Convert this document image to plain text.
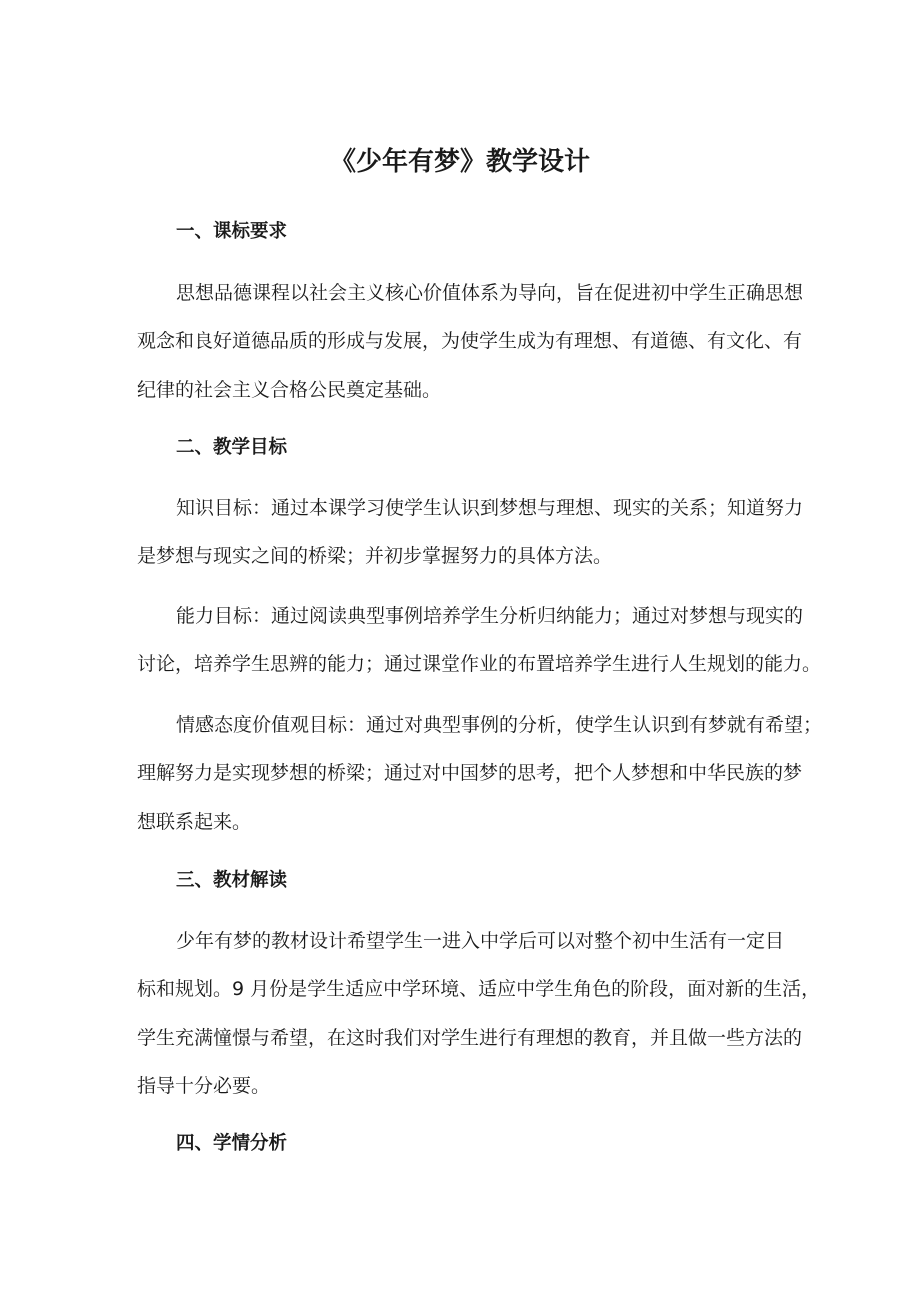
《少年有梦》教学设计
一、课标要求
思想品德课程以社会主义核心价值体系为导向，旨在促进初中学生正确思想
观念和良好道德品质的形成与发展，为使学生成为有理想、有道德、有文化、有
纪律的社会主义合格公民奠定基础。
二、教学目标
知识目标：通过本课学习使学生认识到梦想与理想、现实的关系；知道努力
是梦想与现实之间的桥梁；并初步掌握努力的具体方法。
能力目标：通过阅读典型事例培养学生分析归纳能力；通过对梦想与现实的
讨论，培养学生思辨的能力；通过课堂作业的布置培养学生进行人生规划的能力。
情感态度价值观目标：通过对典型事例的分析，使学生认识到有梦就有希望；
理解努力是实现梦想的桥梁；通过对中国梦的思考，把个人梦想和中华民族的梦
想联系起来。
三、教材解读
少年有梦的教材设计希望学生一进入中学后可以对整个初中生活有一定目
标和规划。9 月份是学生适应中学环境、适应中学生角色的阶段，面对新的生活，
学生充满憧憬与希望，在这时我们对学生进行有理想的教育，并且做一些方法的
指导十分必要。
四、学情分析
